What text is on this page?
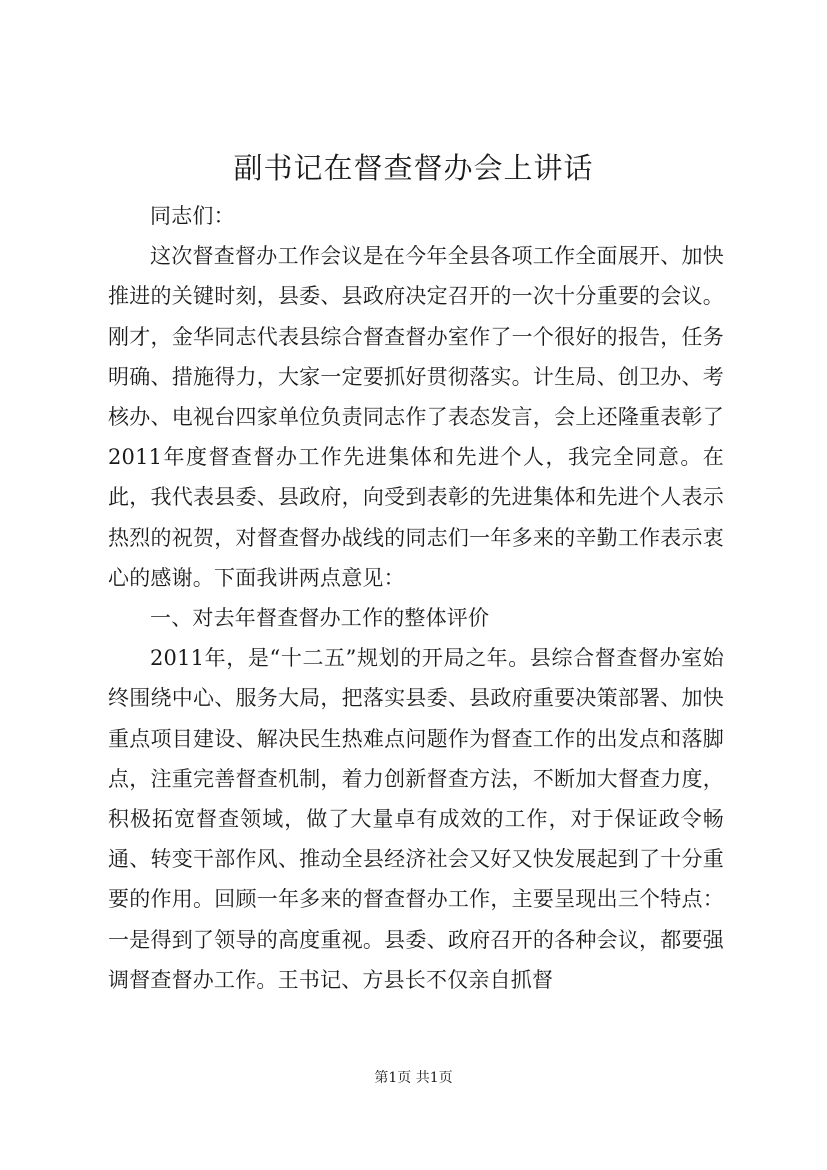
副书记在督查督办会上讲话

同志们：

这次督查督办工作会议是在今年全县各项工作全面展开、加快推进的关键时刻，县委、县政府决定召开的一次十分重要的会议。刚才，金华同志代表县综合督查督办室作了一个很好的报告，任务明确、措施得力，大家一定要抓好贯彻落实。计生局、创卫办、考核办、电视台四家单位负责同志作了表态发言，会上还隆重表彰了2011年度督查督办工作先进集体和先进个人，我完全同意。在此，我代表县委、县政府，向受到表彰的先进集体和先进个人表示热烈的祝贺，对督查督办战线的同志们一年多来的辛勤工作表示衷心的感谢。下面我讲两点意见：

一、对去年督查督办工作的整体评价

2011年，是“十二五”规划的开局之年。县综合督查督办室始终围绕中心、服务大局，把落实县委、县政府重要决策部署、加快重点项目建设、解决民生热难点问题作为督查工作的出发点和落脚点，注重完善督查机制，着力创新督查方法，不断加大督查力度，积极拓宽督查领域，做了大量卓有成效的工作，对于保证政令畅通、转变干部作风、推动全县经济社会又好又快发展起到了十分重要的作用。回顾一年多来的督查督办工作，主要呈现出三个特点：一是得到了领导的高度重视。县委、政府召开的各种会议，都要强调督查督办工作。王书记、方县长不仅亲自抓督

第1页 共1页
